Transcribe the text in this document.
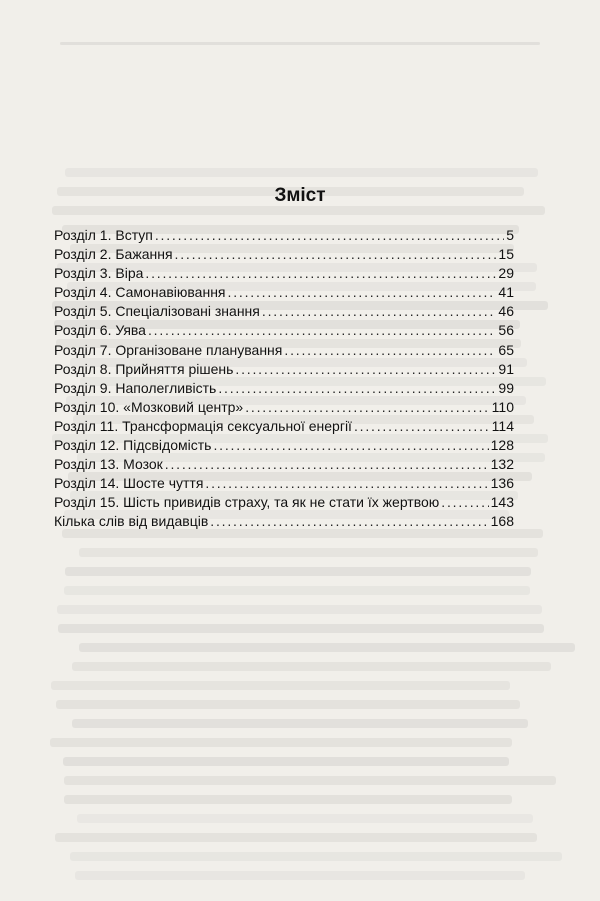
Зміст
Розділ 1. Вступ .....	5
Розділ 2. Бажання .....	15
Розділ 3. Віра .....	29
Розділ 4. Самонавіювання .....	41
Розділ 5. Спеціалізовані знання .....	46
Розділ 6. Уява .....	56
Розділ 7. Організоване планування .....	65
Розділ 8. Прийняття рішень .....	91
Розділ 9. Наполегливість .....	99
Розділ 10. «Мозковий центр» .....	110
Розділ 11. Трансформація сексуальної енергії .....	114
Розділ 12. Підсвідомість .....	128
Розділ 13. Мозок .....	132
Розділ 14. Шосте чуття .....	136
Розділ 15. Шість привидів страху, та як не стати їх жертвою .....	143
Кілька слів від видавців .....	168
